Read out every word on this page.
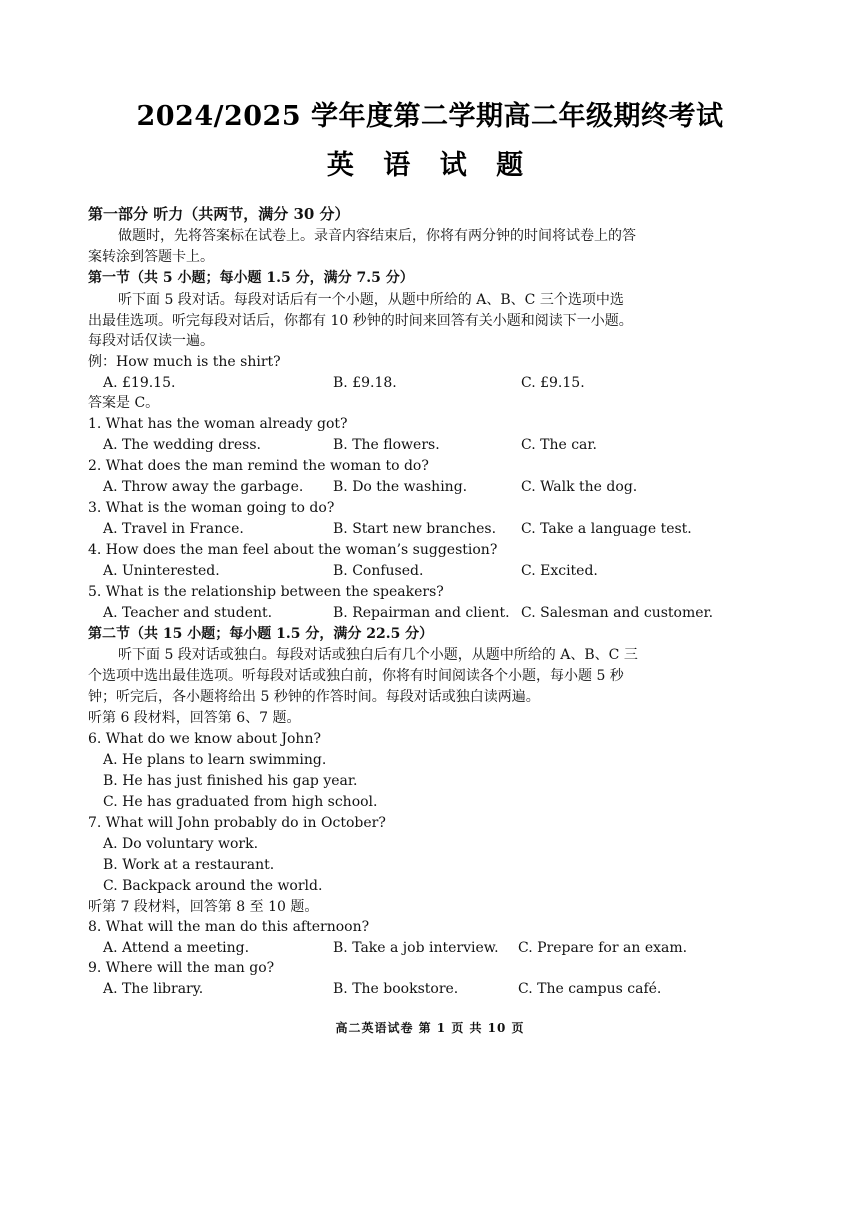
2024/2025 学年度第二学期高二年级期终考试
英 语 试 题
第一部分 听力（共两节，满分 30 分）
做题时，先将答案标在试卷上。录音内容结束后，你将有两分钟的时间将试卷上的答
案转涂到答题卡上。
第一节（共 5 小题；每小题 1.5 分，满分 7.5 分）
听下面 5 段对话。每段对话后有一个小题，从题中所给的 A、B、C 三个选项中选
出最佳选项。听完每段对话后，你都有 10 秒钟的时间来回答有关小题和阅读下一小题。
每段对话仅读一遍。
例：How much is the shirt?
A. £19.15.	B. £9.18.	C. £9.15.
答案是 C。
1. What has the woman already got?
A. The wedding dress.	B. The flowers.	C. The car.
2. What does the man remind the woman to do?
A. Throw away the garbage. B. Do the washing.	C. Walk the dog.
3. What is the woman going to do?
A. Travel in France.	B. Start new branches. C. Take a language test.
4. How does the man feel about the woman’s suggestion?
A. Uninterested.	B. Confused.	C. Excited.
5. What is the relationship between the speakers?
A. Teacher and student.	B. Repairman and client. C. Salesman and customer.
第二节（共 15 小题；每小题 1.5 分，满分 22.5 分）
听下面 5 段对话或独白。每段对话或独白后有几个小题，从题中所给的 A、B、C 三
个选项中选出最佳选项。听每段对话或独白前，你将有时间阅读各个小题，每小题 5 秒
钟；听完后，各小题将给出 5 秒钟的作答时间。每段对话或独白读两遍。
听第 6 段材料，回答第 6、7 题。
6. What do we know about John?
A. He plans to learn swimming.
B. He has just finished his gap year.
C. He has graduated from high school.
7. What will John probably do in October?
A. Do voluntary work.
B. Work at a restaurant.
C. Backpack around the world.
听第 7 段材料，回答第 8 至 10 题。
8. What will the man do this afternoon?
A. Attend a meeting.	B. Take a job interview. C. Prepare for an exam.
9. Where will the man go?
A. The library.	B. The bookstore.	C. The campus café.
高二英语试卷 第 1 页 共 10 页
